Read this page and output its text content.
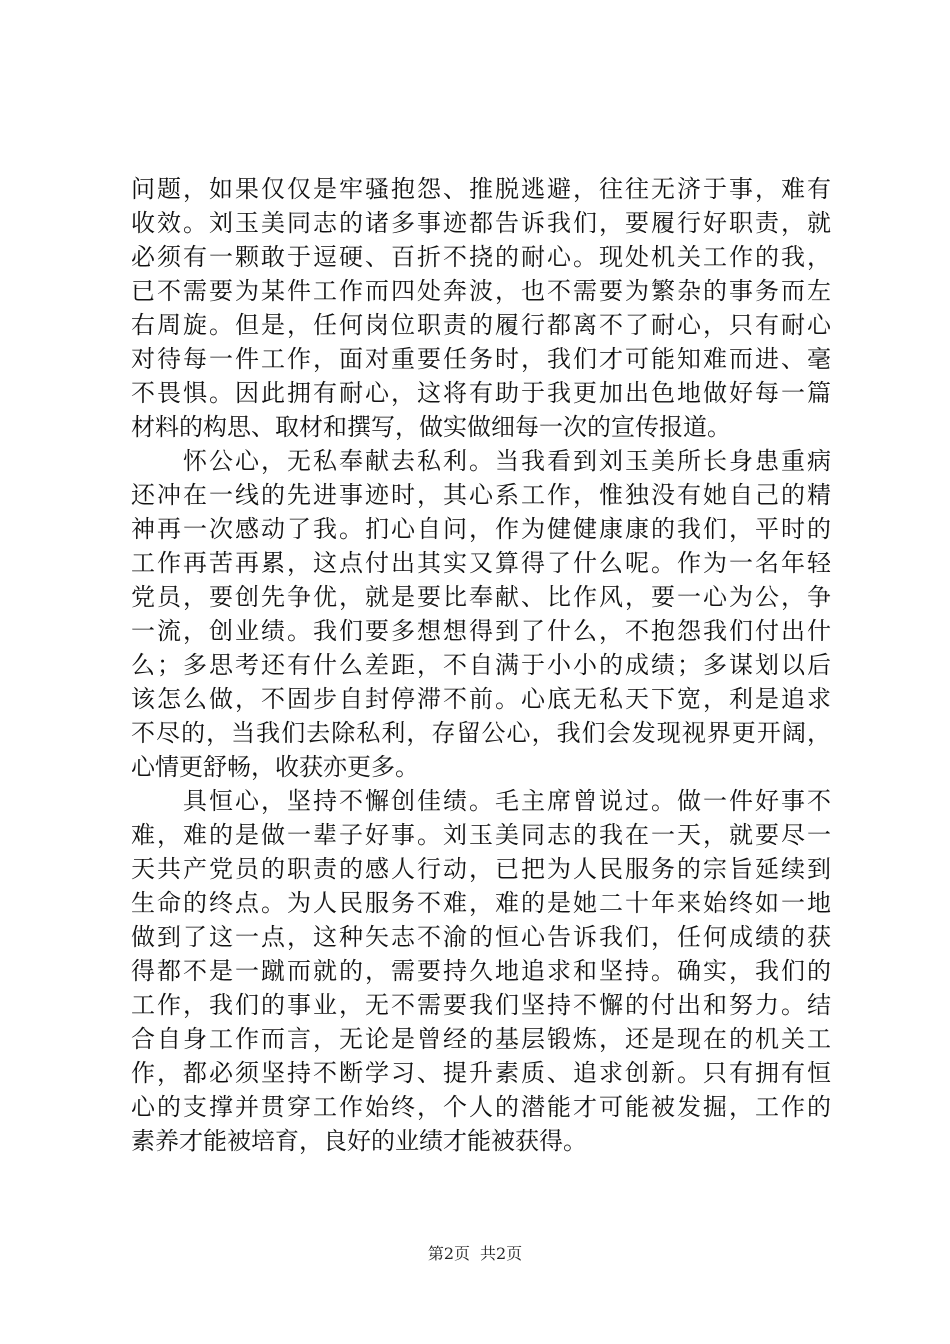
问题，如果仅仅是牢骚抱怨、推脱逃避，往往无济于事，难有
收效。刘玉美同志的诸多事迹都告诉我们，要履行好职责，就
必须有一颗敢于逗硬、百折不挠的耐心。现处机关工作的我，
已不需要为某件工作而四处奔波，也不需要为繁杂的事务而左
右周旋。但是，任何岗位职责的履行都离不了耐心，只有耐心
对待每一件工作，面对重要任务时，我们才可能知难而进、毫
不畏惧。因此拥有耐心，这将有助于我更加出色地做好每一篇
材料的构思、取材和撰写，做实做细每一次的宣传报道。
　　怀公心，无私奉献去私利。当我看到刘玉美所长身患重病
还冲在一线的先进事迹时，其心系工作，惟独没有她自己的精
神再一次感动了我。扪心自问，作为健健康康的我们，平时的
工作再苦再累，这点付出其实又算得了什么呢。作为一名年轻
党员，要创先争优，就是要比奉献、比作风，要一心为公，争
一流，创业绩。我们要多想想得到了什么，不抱怨我们付出什
么；多思考还有什么差距，不自满于小小的成绩；多谋划以后
该怎么做，不固步自封停滞不前。心底无私天下宽，利是追求
不尽的，当我们去除私利，存留公心，我们会发现视界更开阔，
心情更舒畅，收获亦更多。
　　具恒心，坚持不懈创佳绩。毛主席曾说过。做一件好事不
难，难的是做一辈子好事。刘玉美同志的我在一天，就要尽一
天共产党员的职责的感人行动，已把为人民服务的宗旨延续到
生命的终点。为人民服务不难，难的是她二十年来始终如一地
做到了这一点，这种矢志不渝的恒心告诉我们，任何成绩的获
得都不是一蹴而就的，需要持久地追求和坚持。确实，我们的
工作，我们的事业，无不需要我们坚持不懈的付出和努力。结
合自身工作而言，无论是曾经的基层锻炼，还是现在的机关工
作，都必须坚持不断学习、提升素质、追求创新。只有拥有恒
心的支撑并贯穿工作始终，个人的潜能才可能被发掘，工作的
素养才能被培育，良好的业绩才能被获得。
第2页 共2页
